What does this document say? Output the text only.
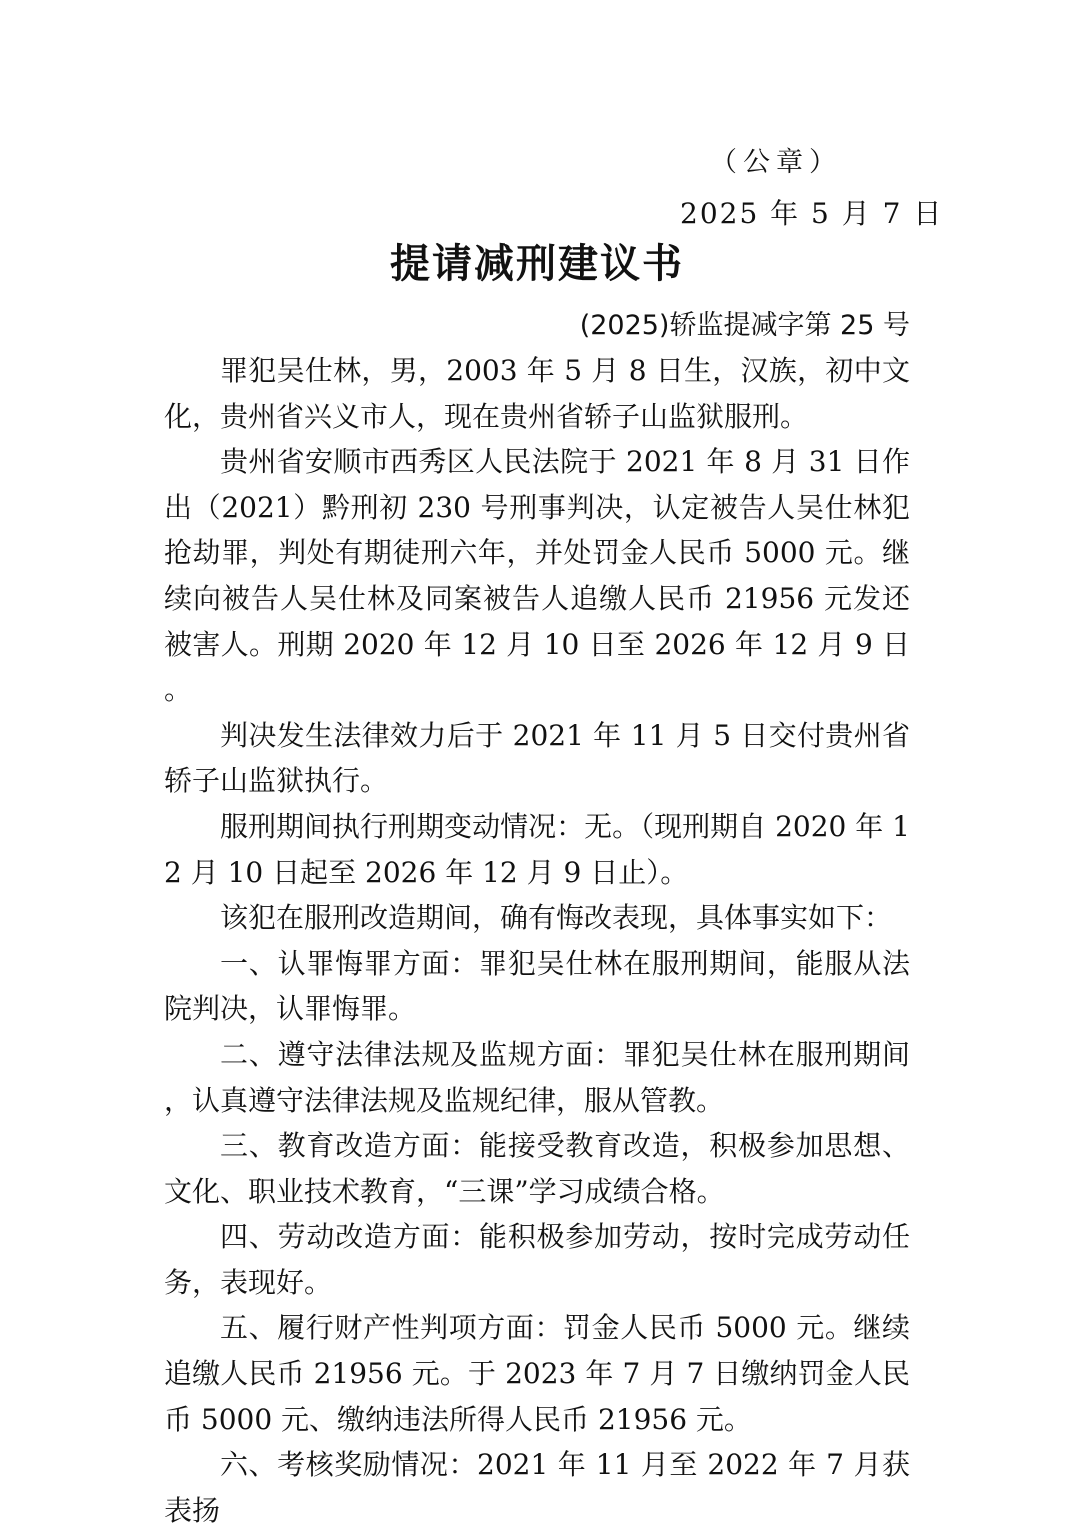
（公章）
2025 年 5 月 7 日
提请减刑建议书
(2025)轿监提减字第 25 号

罪犯吴仕林，男，2003 年 5 月 8 日生，汉族，初中文化，贵州省兴义市人，现在贵州省轿子山监狱服刑。

贵州省安顺市西秀区人民法院于 2021 年 8 月 31 日作出（2021）黔刑初 230 号刑事判决，认定被告人吴仕林犯抢劫罪，判处有期徒刑六年，并处罚金人民币 5000 元。继续向被告人吴仕林及同案被告人追缴人民币 21956 元发还被害人。刑期 2020 年 12 月 10 日至 2026 年 12 月 9 日。

判决发生法律效力后于 2021 年 11 月 5 日交付贵州省轿子山监狱执行。

服刑期间执行刑期变动情况：无。（现刑期自 2020 年 12 月 10 日起至 2026 年 12 月 9 日止）。

该犯在服刑改造期间，确有悔改表现，具体事实如下：

一、认罪悔罪方面：罪犯吴仕林在服刑期间，能服从法院判决，认罪悔罪。

二、遵守法律法规及监规方面：罪犯吴仕林在服刑期间，认真遵守法律法规及监规纪律，服从管教。

三、教育改造方面：能接受教育改造，积极参加思想、文化、职业技术教育，“三课”学习成绩合格。

四、劳动改造方面：能积极参加劳动，按时完成劳动任务，表现好。

五、履行财产性判项方面：罚金人民币 5000 元。继续追缴人民币 21956 元。于 2023 年 7 月 7 日缴纳罚金人民币 5000 元、缴纳违法所得人民币 21956 元。

六、考核奖励情况：2021 年 11 月至 2022 年 7 月获表扬
